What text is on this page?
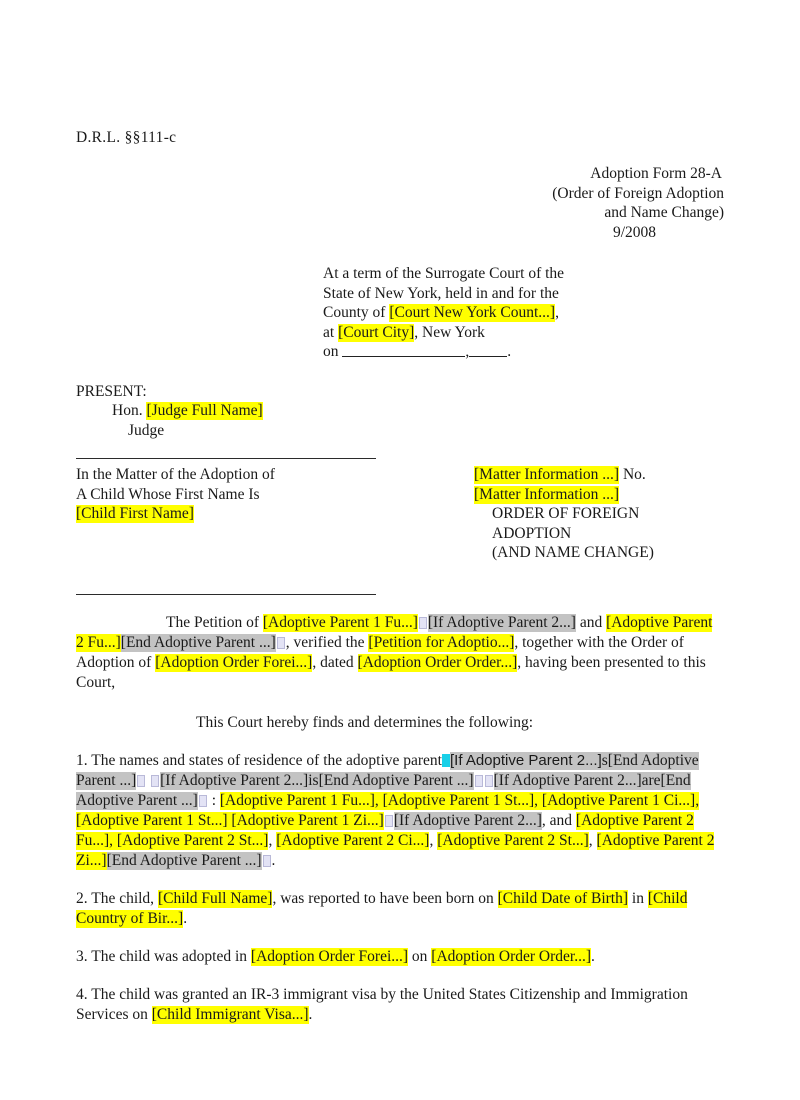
D.R.L. §§111-c
Adoption Form 28-A
(Order of Foreign Adoption
and Name Change)
9/2008
At a term of the Surrogate Court of the
State of New York, held in and for the
County of [Court New York Count...],
at [Court City], New York
on	, .
PRESENT:
Hon. [Judge Full Name]
Judge
In the Matter of the Adoption of
A Child Whose First Name Is
[Child First Name]
[Matter Information ...] No.
[Matter Information ...]
ORDER OF FOREIGN
ADOPTION
(AND NAME CHANGE)
The Petition of [Adoptive Parent 1 Fu...] [If Adoptive Parent 2...] and [Adoptive Parent 2 Fu...][End Adoptive Parent ...] , verified the [Petition for Adoptio...], together with the Order of Adoption of [Adoption Order Forei...], dated [Adoption Order Order...], having been presented to this Court,
This Court hereby finds and determines the following:
1. The names and states of residence of the adoptive parent [If Adoptive Parent 2...]s[End Adoptive Parent ...] [If Adoptive Parent 2...]is[End Adoptive Parent ...] [If Adoptive Parent 2...]are[End Adoptive Parent ...] : [Adoptive Parent 1 Fu...], [Adoptive Parent 1 St...], [Adoptive Parent 1 Ci...], [Adoptive Parent 1 St...] [Adoptive Parent 1 Zi...] [If Adoptive Parent 2...], and [Adoptive Parent 2 Fu...], [Adoptive Parent 2 St...], [Adoptive Parent 2 Ci...], [Adoptive Parent 2 St...], [Adoptive Parent 2 Zi...][End Adoptive Parent ...] .
2. The child, [Child Full Name], was reported to have been born on [Child Date of Birth] in [Child Country of Bir...].
3. The child was adopted in [Adoption Order Forei...] on [Adoption Order Order...].
4. The child was granted an IR-3 immigrant visa by the United States Citizenship and Immigration Services on [Child Immigrant Visa...].
